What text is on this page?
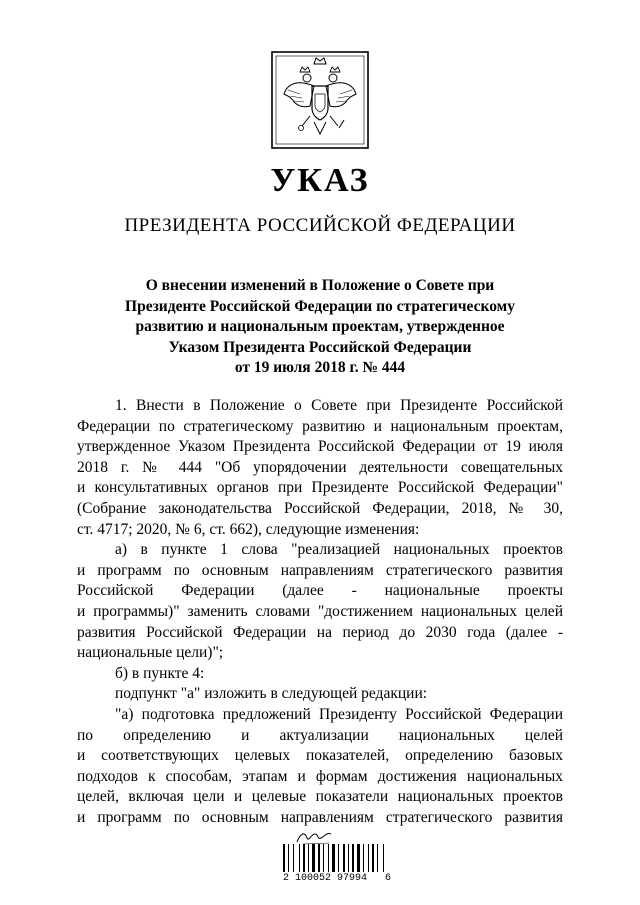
УКАЗ
ПРЕЗИДЕНТА РОССИЙСКОЙ ФЕДЕРАЦИИ
О внесении изменений в Положение о Совете при
Президенте Российской Федерации по стратегическому
развитию и национальным проектам, утвержденное
Указом Президента Российской Федерации
от 19 июля 2018 г. № 444
1. Внести в Положение о Совете при Президенте Российской
Федерации по стратегическому развитию и национальным проектам,
утвержденное Указом Президента Российской Федерации от 19 июля
2018 г. № 444 "Об упорядочении деятельности совещательных
и консультативных органов при Президенте Российской Федерации"
(Собрание законодательства Российской Федерации, 2018, № 30,
ст. 4717; 2020, № 6, ст. 662), следующие изменения:
а) в пункте 1 слова "реализацией национальных проектов
и программ по основным направлениям стратегического развития
Российской Федерации (далее - национальные проекты
и программы)" заменить словами "достижением национальных целей
развития Российской Федерации на период до 2030 года (далее -
национальные цели)";
б) в пункте 4:
подпункт "а" изложить в следующей редакции:
"а) подготовка предложений Президенту Российской Федерации
по определению и актуализации национальных целей
и соответствующих целевых показателей, определению базовых
подходов к способам, этапам и формам достижения национальных
целей, включая цели и целевые показатели национальных проектов
и программ по основным направлениям стратегического развития
2 100052 97994   6
